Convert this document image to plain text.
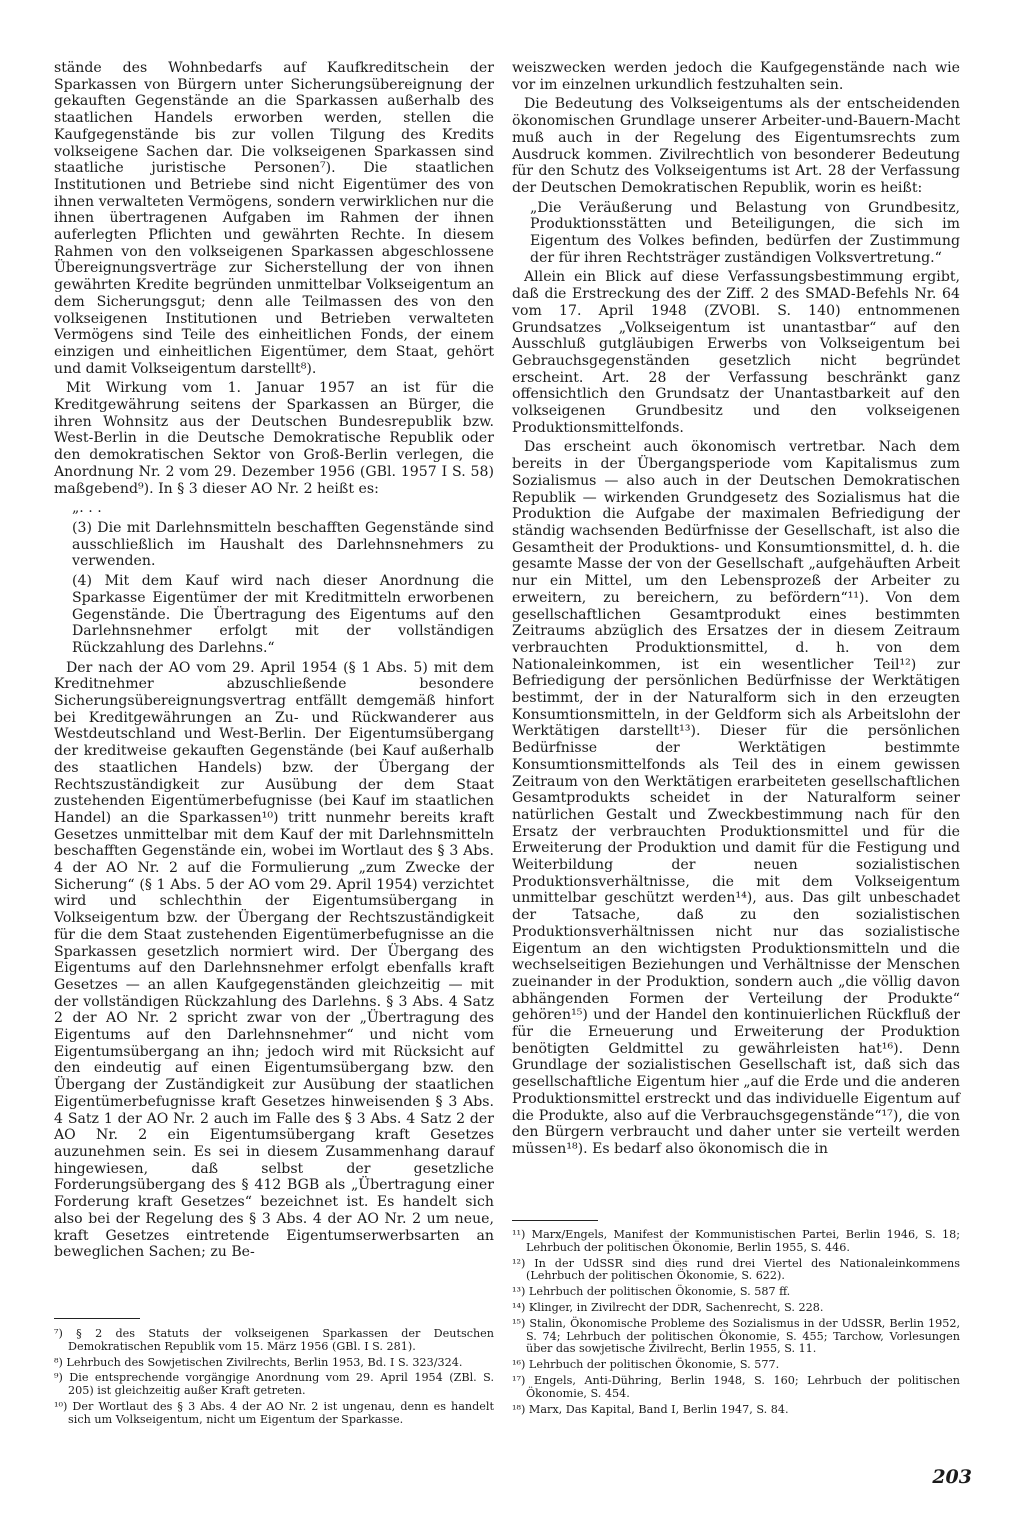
stände des Wohnbedarfs auf Kaufkreditschein der Sparkassen von Bürgern unter Sicherungsübereignung der gekauften Gegenstände an die Sparkassen außerhalb des staatlichen Handels erworben werden, stellen die Kaufgegenstände bis zur vollen Tilgung des Kredits volkseigene Sachen dar. Die volkseigenen Sparkassen sind staatliche juristische Personen⁷). Die staatlichen Institutionen und Betriebe sind nicht Eigentümer des von ihnen verwalteten Vermögens, sondern verwirklichen nur die ihnen übertragenen Aufgaben im Rahmen der ihnen auferlegten Pflichten und gewährten Rechte. In diesem Rahmen von den volkseigenen Sparkassen abgeschlossene Übereignungsverträge zur Sicherstellung der von ihnen gewährten Kredite begründen unmittelbar Volkseigentum an dem Sicherungsgut; denn alle Teilmassen des von den volkseigenen Institutionen und Betrieben verwalteten Vermögens sind Teile des einheitlichen Fonds, der einem einzigen und einheitlichen Eigentümer, dem Staat, gehört und damit Volkseigentum darstellt⁸).

Mit Wirkung vom 1. Januar 1957 an ist für die Kreditgewährung seitens der Sparkassen an Bürger, die ihren Wohnsitz aus der Deutschen Bundesrepublik bzw. West-Berlin in die Deutsche Demokratische Republik oder den demokratischen Sektor von Groß-Berlin verlegen, die Anordnung Nr. 2 vom 29. Dezember 1956 (GBl. 1957 I S. 58) maßgebend⁹). In § 3 dieser AO Nr. 2 heißt es:

„. . .

(3) Die mit Darlehnsmitteln beschafften Gegenstände sind ausschließlich im Haushalt des Darlehnsnehmers zu verwenden.

(4) Mit dem Kauf wird nach dieser Anordnung die Sparkasse Eigentümer der mit Kreditmitteln erworbenen Gegenstände. Die Übertragung des Eigentums auf den Darlehnsnehmer erfolgt mit der vollständigen Rückzahlung des Darlehns.“

Der nach der AO vom 29. April 1954 (§ 1 Abs. 5) mit dem Kreditnehmer abzuschließende besondere Sicherungsübereignungsvertrag entfällt demgemäß hinfort bei Kreditgewährungen an Zu- und Rückwanderer aus Westdeutschland und West-Berlin. Der Eigentumsübergang der kreditweise gekauften Gegenstände (bei Kauf außerhalb des staatlichen Handels) bzw. der Übergang der Rechtszuständigkeit zur Ausübung der dem Staat zustehenden Eigentümerbefugnisse (bei Kauf im staatlichen Handel) an die Sparkassen¹⁰) tritt nunmehr bereits kraft Gesetzes unmittelbar mit dem Kauf der mit Darlehnsmitteln beschafften Gegenstände ein, wobei im Wortlaut des § 3 Abs. 4 der AO Nr. 2 auf die Formulierung „zum Zwecke der Sicherung“ (§ 1 Abs. 5 der AO vom 29. April 1954) verzichtet wird und schlechthin der Eigentumsübergang in Volkseigentum bzw. der Übergang der Rechtszuständigkeit für die dem Staat zustehenden Eigentümerbefugnisse an die Sparkassen gesetzlich normiert wird. Der Übergang des Eigentums auf den Darlehnsnehmer erfolgt ebenfalls kraft Gesetzes — an allen Kaufgegenständen gleichzeitig — mit der vollständigen Rückzahlung des Darlehns. § 3 Abs. 4 Satz 2 der AO Nr. 2 spricht zwar von der „Übertragung des Eigentums auf den Darlehnsnehmer“ und nicht vom Eigentumsübergang an ihn; jedoch wird mit Rücksicht auf den eindeutig auf einen Eigentumsübergang bzw. den Übergang der Zuständigkeit zur Ausübung der staatlichen Eigentümerbefugnisse kraft Gesetzes hinweisenden § 3 Abs. 4 Satz 1 der AO Nr. 2 auch im Falle des § 3 Abs. 4 Satz 2 der AO Nr. 2 ein Eigentumsübergang kraft Gesetzes auzunehmen sein. Es sei in diesem Zusammenhang darauf hingewiesen, daß selbst der gesetzliche Forderungsübergang des § 412 BGB als „Übertragung einer Forderung kraft Gesetzes“ bezeichnet ist. Es handelt sich also bei der Regelung des § 3 Abs. 4 der AO Nr. 2 um neue, kraft Gesetzes eintretende Eigentumserwerbsarten an beweglichen Sachen; zu Be-

weiszwecken werden jedoch die Kaufgegenstände nach wie vor im einzelnen urkundlich festzuhalten sein.

Die Bedeutung des Volkseigentums als der entscheidenden ökonomischen Grundlage unserer Arbeiter-und-Bauern-Macht muß auch in der Regelung des Eigentumsrechts zum Ausdruck kommen. Zivilrechtlich von besonderer Bedeutung für den Schutz des Volkseigentums ist Art. 28 der Verfassung der Deutschen Demokratischen Republik, worin es heißt:

„Die Veräußerung und Belastung von Grundbesitz, Produktionsstätten und Beteiligungen, die sich im Eigentum des Volkes befinden, bedürfen der Zustimmung der für ihren Rechtsträger zuständigen Volksvertretung.“

Allein ein Blick auf diese Verfassungsbestimmung ergibt, daß die Erstreckung des der Ziff. 2 des SMAD-Befehls Nr. 64 vom 17. April 1948 (ZVOBl. S. 140) entnommenen Grundsatzes „Volkseigentum ist unantastbar“ auf den Ausschluß gutgläubigen Erwerbs von Volkseigentum bei Gebrauchsgegenständen gesetzlich nicht begründet erscheint. Art. 28 der Verfassung beschränkt ganz offensichtlich den Grundsatz der Unantastbarkeit auf den volkseigenen Grundbesitz und den volkseigenen Produktionsmittelfonds.

Das erscheint auch ökonomisch vertretbar. Nach dem bereits in der Übergangsperiode vom Kapitalismus zum Sozialismus — also auch in der Deutschen Demokratischen Republik — wirkenden Grundgesetz des Sozialismus hat die Produktion die Aufgabe der maximalen Befriedigung der ständig wachsenden Bedürfnisse der Gesellschaft, ist also die Gesamtheit der Produktions- und Konsumtionsmittel, d. h. die gesamte Masse der von der Gesellschaft „aufgehäuften Arbeit nur ein Mittel, um den Lebensprozeß der Arbeiter zu erweitern, zu bereichern, zu befördern“¹¹). Von dem gesellschaftlichen Gesamtprodukt eines bestimmten Zeitraums abzüglich des Ersatzes der in diesem Zeitraum verbrauchten Produktionsmittel, d. h. von dem Nationaleinkommen, ist ein wesentlicher Teil¹²) zur Befriedigung der persönlichen Bedürfnisse der Werktätigen bestimmt, der in der Naturalform sich in den erzeugten Konsumtionsmitteln, in der Geldform sich als Arbeitslohn der Werktätigen darstellt¹³). Dieser für die persönlichen Bedürfnisse der Werktätigen bestimmte Konsumtionsmittelfonds als Teil des in einem gewissen Zeitraum von den Werktätigen erarbeiteten gesellschaftlichen Gesamtprodukts scheidet in der Naturalform seiner natürlichen Gestalt und Zweckbestimmung nach für den Ersatz der verbrauchten Produktionsmittel und für die Erweiterung der Produktion und damit für die Festigung und Weiterbildung der neuen sozialistischen Produktionsverhältnisse, die mit dem Volkseigentum unmittelbar geschützt werden¹⁴), aus. Das gilt unbeschadet der Tatsache, daß zu den sozialistischen Produktionsverhältnissen nicht nur das sozialistische Eigentum an den wichtigsten Produktionsmitteln und die wechselseitigen Beziehungen und Verhältnisse der Menschen zueinander in der Produktion, sondern auch „die völlig davon abhängenden Formen der Verteilung der Produkte“ gehören¹⁵) und der Handel den kontinuierlichen Rückfluß der für die Erneuerung und Erweiterung der Produktion benötigten Geldmittel zu gewährleisten hat¹⁶). Denn Grundlage der sozialistischen Gesellschaft ist, daß sich das gesellschaftliche Eigentum hier „auf die Erde und die anderen Produktionsmittel erstreckt und das individuelle Eigentum auf die Produkte, also auf die Verbrauchsgegenstände“¹⁷), die von den Bürgern verbraucht und daher unter sie verteilt werden müssen¹⁸). Es bedarf also ökonomisch die in

⁷) § 2 des Statuts der volkseigenen Sparkassen der Deutschen Demokratischen Republik vom 15. März 1956 (GBl. I S. 281).

⁸) Lehrbuch des Sowjetischen Zivilrechts, Berlin 1953, Bd. I S. 323/324.

⁹) Die entsprechende vorgängige Anordnung vom 29. April 1954 (ZBl. S. 205) ist gleichzeitig außer Kraft getreten.

¹⁰) Der Wortlaut des § 3 Abs. 4 der AO Nr. 2 ist ungenau, denn es handelt sich um Volkseigentum, nicht um Eigentum der Sparkasse.

¹¹) Marx/Engels, Manifest der Kommunistischen Partei, Berlin 1946, S. 18; Lehrbuch der politischen Ökonomie, Berlin 1955, S. 446.

¹²) In der UdSSR sind dies rund drei Viertel des Nationaleinkommens (Lehrbuch der politischen Ökonomie, S. 622).

¹³) Lehrbuch der politischen Ökonomie, S. 587 ff.

¹⁴) Klinger, in Zivilrecht der DDR, Sachenrecht, S. 228.

¹⁵) Stalin, Ökonomische Probleme des Sozialismus in der UdSSR, Berlin 1952, S. 74; Lehrbuch der politischen Ökonomie, S. 455; Tarchow, Vorlesungen über das sowjetische Zivilrecht, Berlin 1955, S. 11.

¹⁶) Lehrbuch der politischen Ökonomie, S. 577.

¹⁷) Engels, Anti-Dühring, Berlin 1948, S. 160; Lehrbuch der politischen Ökonomie, S. 454.

¹⁸) Marx, Das Kapital, Band I, Berlin 1947, S. 84.

203
